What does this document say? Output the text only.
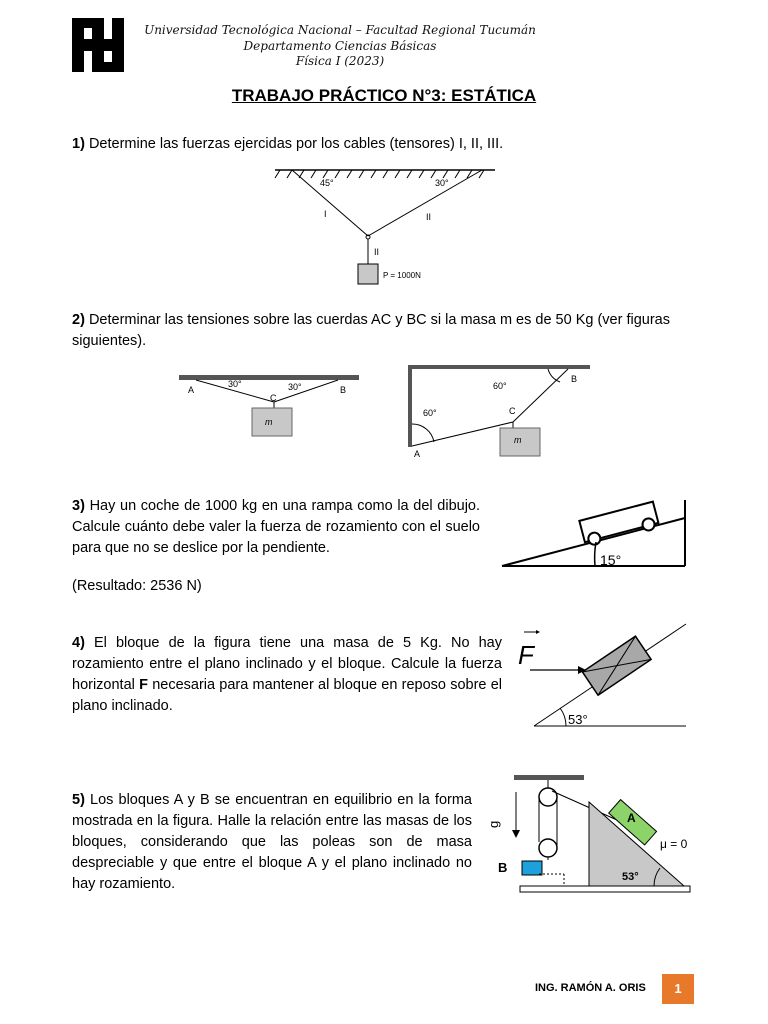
Universidad Tecnológica Nacional – Facultad Regional Tucumán
Departamento Ciencias Básicas
Física I (2023)
TRABAJO PRÁCTICO N°3: ESTÁTICA
1) Determine las fuerzas ejercidas por los cables (tensores) I, II, III.
45°	30°
I	II
II
P = 1000N
2) Determinar las tensiones sobre las cuerdas AC y BC si la masa m es de 50 Kg (ver figuras siguientes).
A	B
C
30°	30°
m
A
B
C
60°
60°
m
3) Hay un coche de 1000 kg en una rampa como la del dibujo. Calcule cuánto debe valer la fuerza de rozamiento con el suelo para que no se deslice por la pendiente.
(Resultado: 2536 N)
15°
4) El bloque de la figura tiene una masa de 5 Kg. No hay rozamiento entre el plano inclinado y el bloque. Calcule la fuerza horizontal F necesaria para mantener al bloque en reposo sobre el plano inclinado.
F
53°
5) Los bloques A y B se encuentran en equilibrio en la forma mostrada en la figura. Halle la relación entre las masas de los bloques, considerando que las poleas son de masa despreciable y que entre el bloque A y el plano inclinado no hay rozamiento.
g	A
B
μ = 0
53°
ING. RAMÓN A. ORIS	1
